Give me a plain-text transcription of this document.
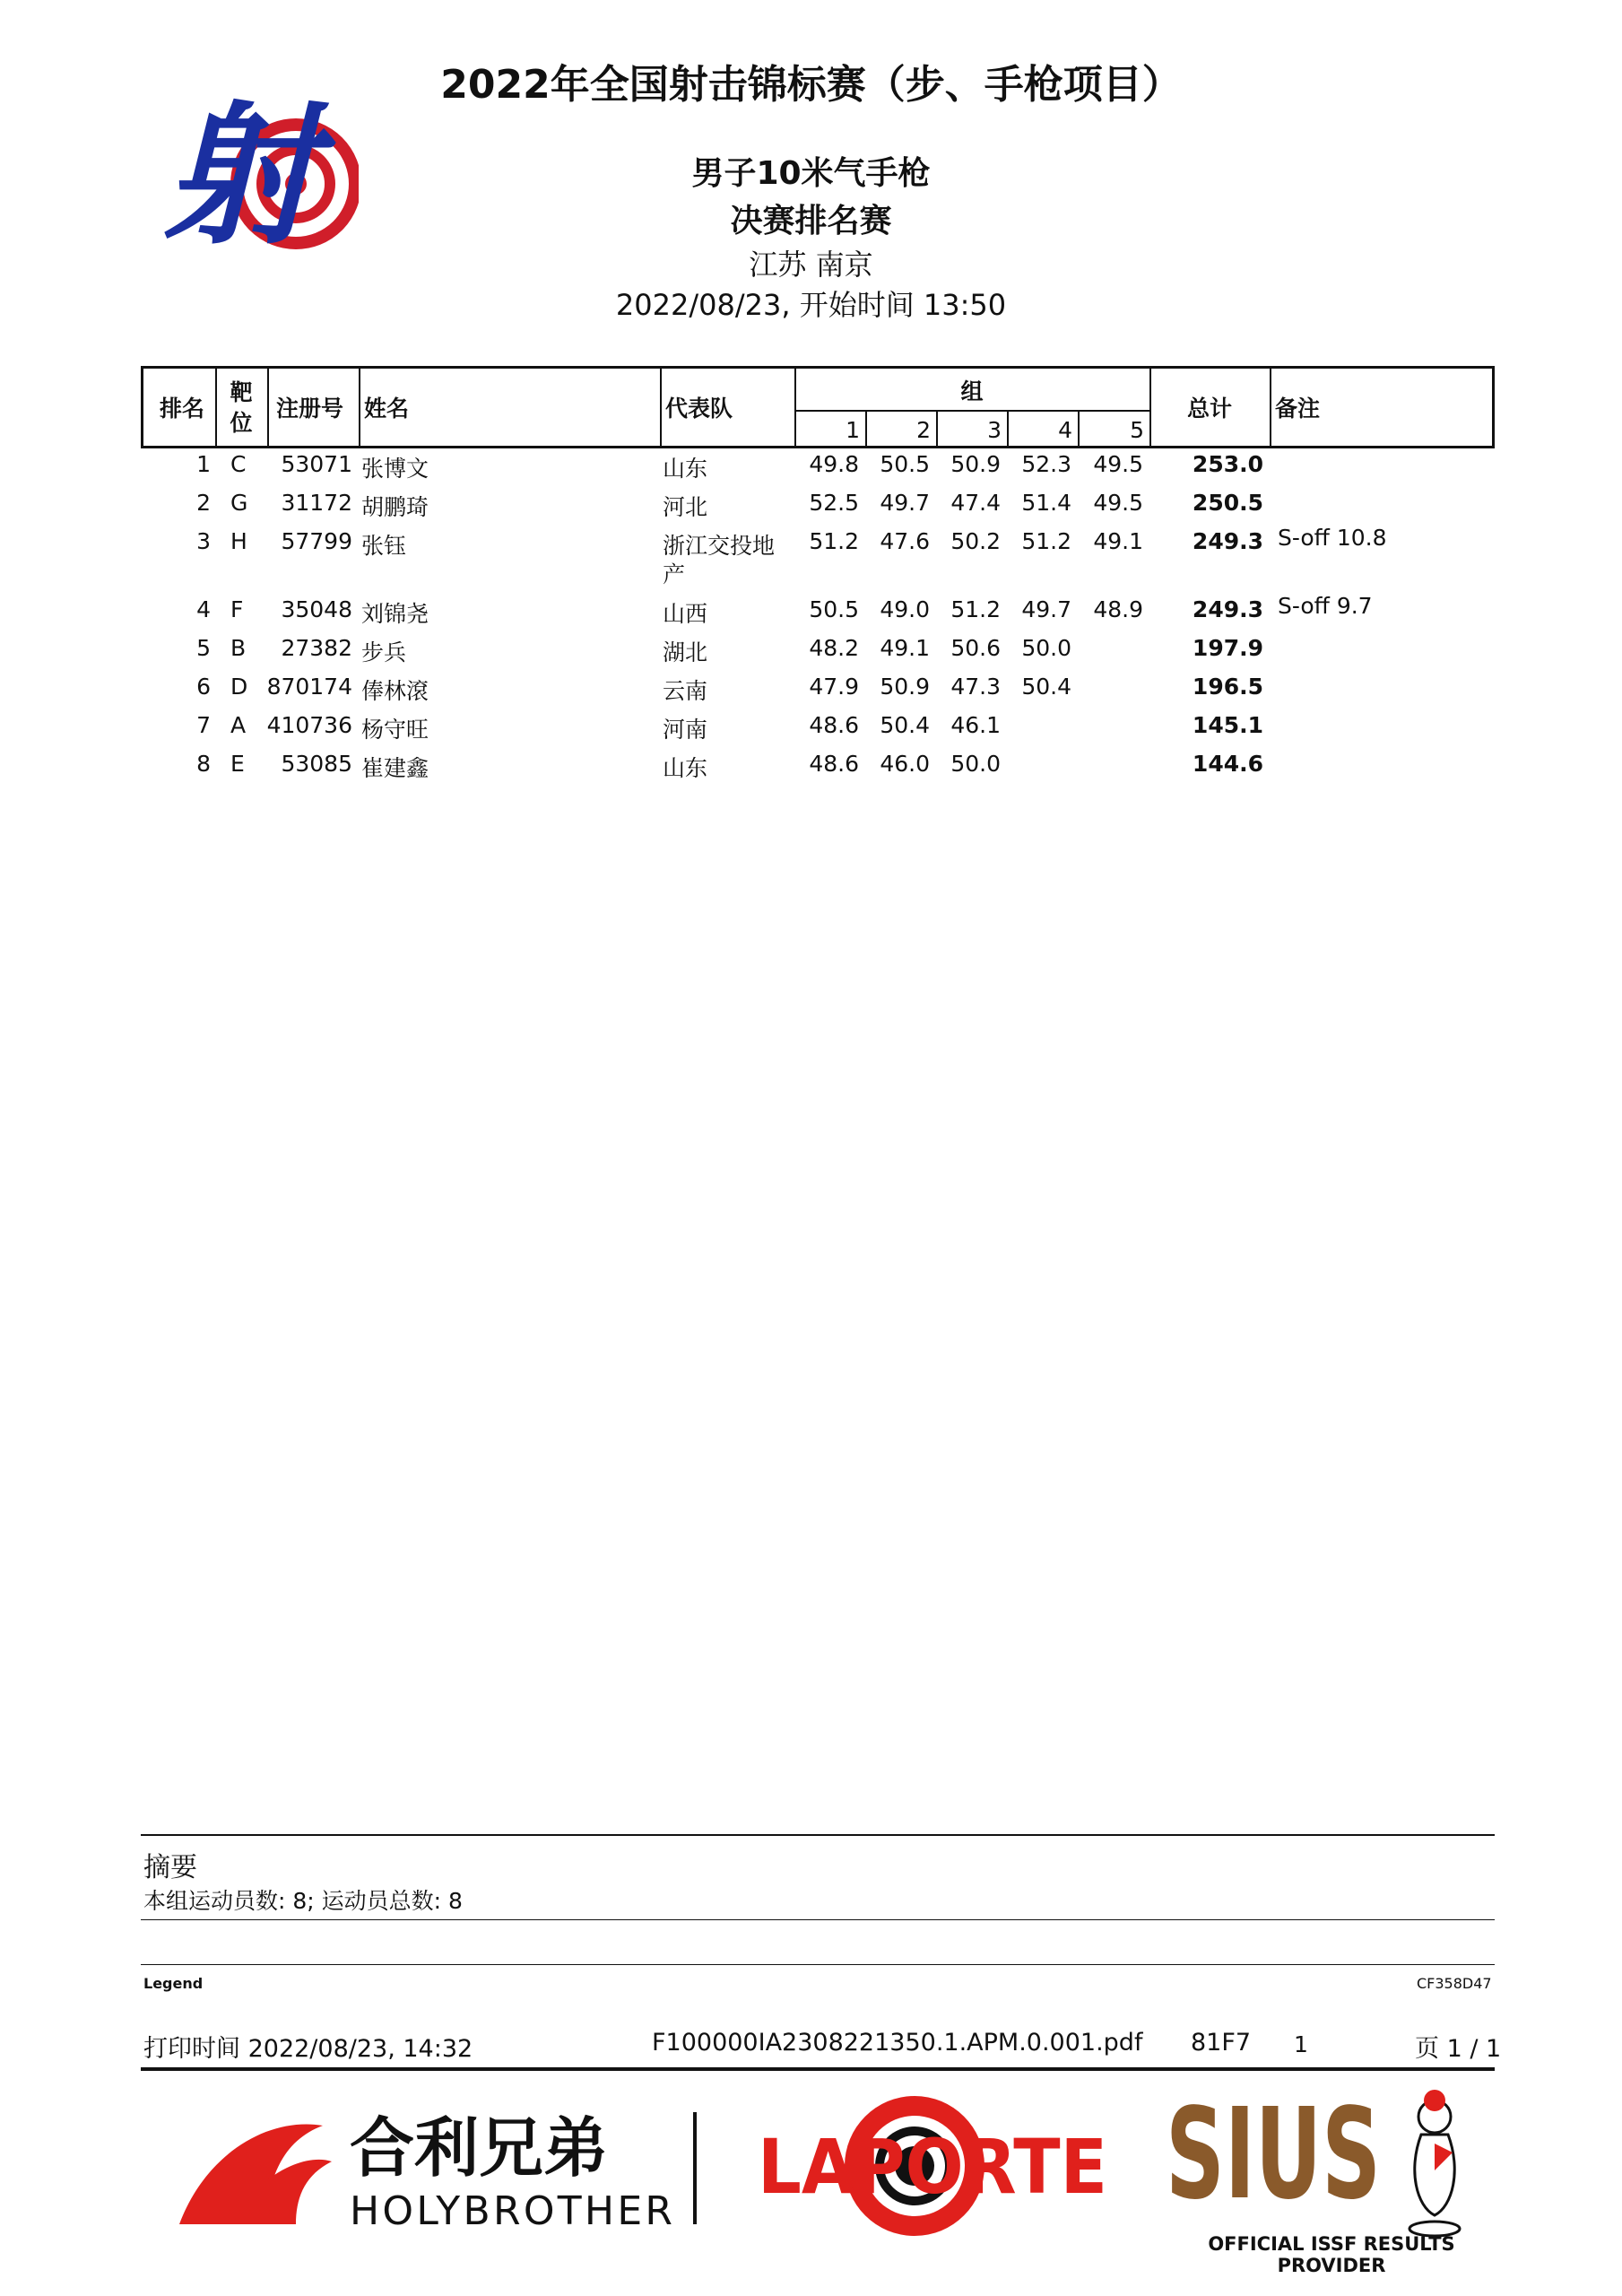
射
2022年全国射击锦标赛（步、手枪项目）
男子10米气手枪
决赛排名赛
江苏 南京
2022/08/23, 开始时间 13:50
排名
靶位
注册号 姓名	代表队
组
1	2	3	4	5
总计	备注
1 C	53071 张博文	山东	49.8 50.5 50.9 52.3 49.5	253.0
2 G	31172 胡鹏琦	河北	52.5 49.7 47.4 51.4 49.5	250.5
3 H	57799 张钰	浙江交投地	51.2 47.6 50.2 51.2 49.1	249.3 S-off 10.8
产
4 F	35048 刘锦尧	山西	50.5 49.0 51.2 49.7 48.9	249.3 S-off 9.7
5 B	27382 步兵	湖北	48.2 49.1 50.6 50.0	197.9
6 D 870174 俸林滾	云南	47.9 50.9 47.3 50.4	196.5
7 A 410736 杨守旺	河南	48.6 50.4 46.1	145.1
8 E	53085 崔建鑫	山东	48.6 46.0 50.0	144.6
摘要
本组运动员数: 8; 运动员总数: 8
Legend	CF358D47
打印时间 2022/08/23, 14:32	F100000IA2308221350.1.APM.0.001.pdf 81F7 1	页 1 / 1
合利兄弟
HOLYBROTHER
LAPORTE SIUS
OFFICIAL ISSF RESULTS PROVIDER
